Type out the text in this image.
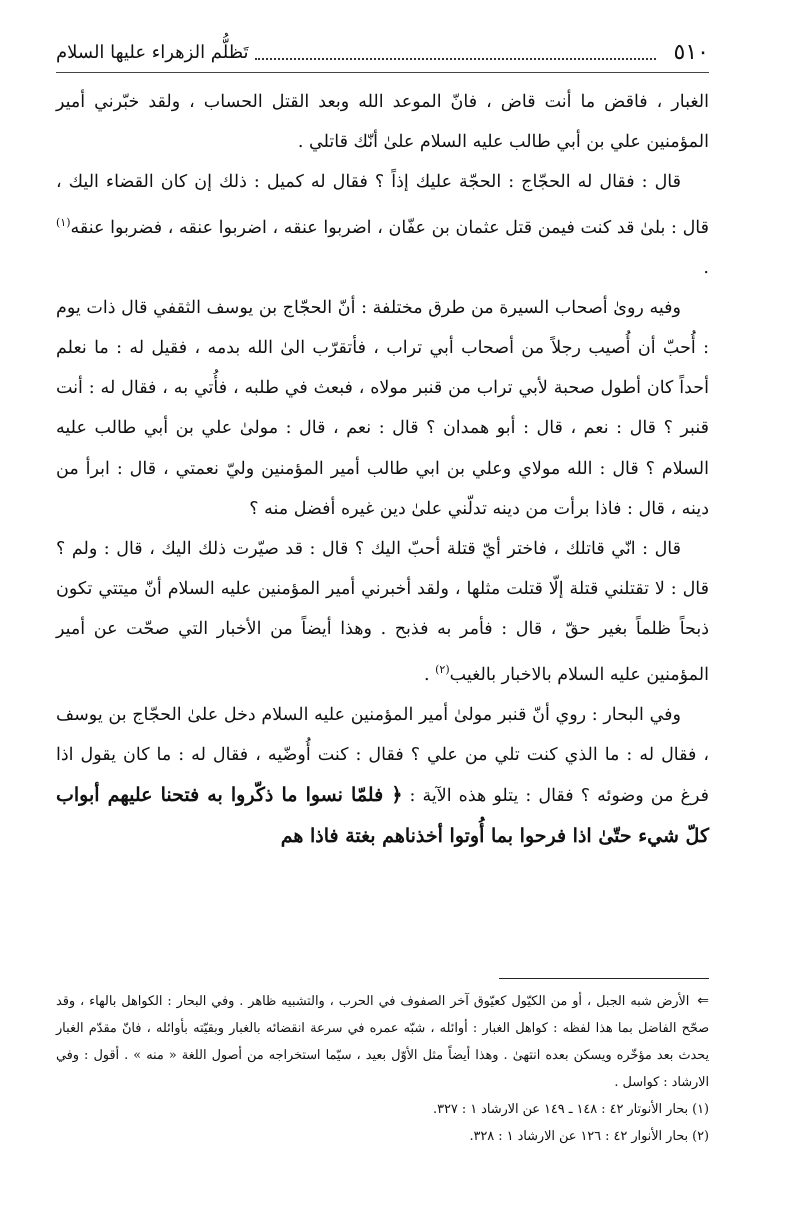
٥١٠
تَظلُّم الزهراء عليها السلام

الغبار ، فاقض ما أنت قاض ، فانّ الموعد الله وبعد القتل الحساب ، ولقد خبّرني أمير المؤمنين علي بن أبي طالب عليه السلام علىٰ أنّك قاتلي .

قال : فقال له الحجّاج : الحجّة عليك إذاً ؟ فقال له كميل : ذلك إن كان القضاء اليك ، قال : بلىٰ قد كنت فيمن قتل عثمان بن عفّان ، اضربوا عنقه ، اضربوا عنقه ، فضربوا عنقه$^{(١)}$ .

وفيه روىٰ أصحاب السيرة من طرق مختلفة : أنّ الحجّاج بن يوسف الثقفي قال ذات يوم : أُحبّ أن أُصيب رجلاً من أصحاب أبي تراب ، فأتقرّب الىٰ الله بدمه ، فقيل له : ما نعلم أحداً كان أطول صحبة لأبي تراب من قنبر مولاه ، فبعث في طلبه ، فأُتي به ، فقال له : أنت قنبر ؟ قال : نعم ، قال : أبو همدان ؟ قال : نعم ، قال : مولىٰ علي بن أبي طالب عليه السلام ؟ قال : الله مولاي وعلي بن ابي طالب أمير المؤمنين وليّ نعمتي ، قال : ابرأ من دينه ، قال : فاذا برأت من دينه تدلّني علىٰ دين غيره أفضل منه ؟

قال : انّي قاتلك ، فاختر أيّ قتلة أحبّ اليك ؟ قال : قد صيّرت ذلك اليك ، قال : ولم ؟ قال : لا تقتلني قتلة إلّا قتلت مثلها ، ولقد أخبرني أمير المؤمنين عليه السلام أنّ ميتتي تكون ذبحاً ظلماً بغير حقّ ، قال : فأمر به فذبح . وهذا أيضاً من الأخبار التي صحّت عن أمير المؤمنين عليه السلام بالاخبار بالغيب$^{(٢)}$ .

وفي البحار : روي أنّ قنبر مولىٰ أمير المؤمنين عليه السلام دخل علىٰ الحجّاج بن يوسف ، فقال له : ما الذي كنت تلي من علي ؟ فقال : كنت أُوضّيه ، فقال له : ما كان يقول اذا فرغ من وضوئه ؟ فقال : يتلو هذه الآية : ﴿ فلمّا نسوا ما ذكّروا به فتحنا عليهم أبواب كلّ شيء حتّىٰ اذا فرحوا بما أُوتوا أخذناهم بغتة فاذا هم

⇐الأرض شبه الجبل ، أو من الكيّول كعيّوق آخر الصفوف في الحرب ، والتشبيه ظاهر . وفي البحار : الكواهل بالهاء ، وقد صحّح الفاضل بما هذا لفظه : كواهل الغبار : أوائله ، شبّه عمره في سرعة انقضائه بالغبار وبقيّته بأوائله ، فانّ مقدّم الغبار يحدث بعد مؤخّره ويسكن بعده انتهىٰ . وهذا أيضاً مثل الأوّل بعيد ، سيّما استخراجه من أصول اللغة « منه » . أقول : وفي الارشاد : كواسل .

(١) بحار الأنوتار ٤٢ : ١٤٨ ـ ١٤٩ عن الارشاد ١ : ٣٢٧.

(٢) بحار الأنوار ٤٢ : ١٢٦ عن الارشاد ١ : ٣٢٨.
